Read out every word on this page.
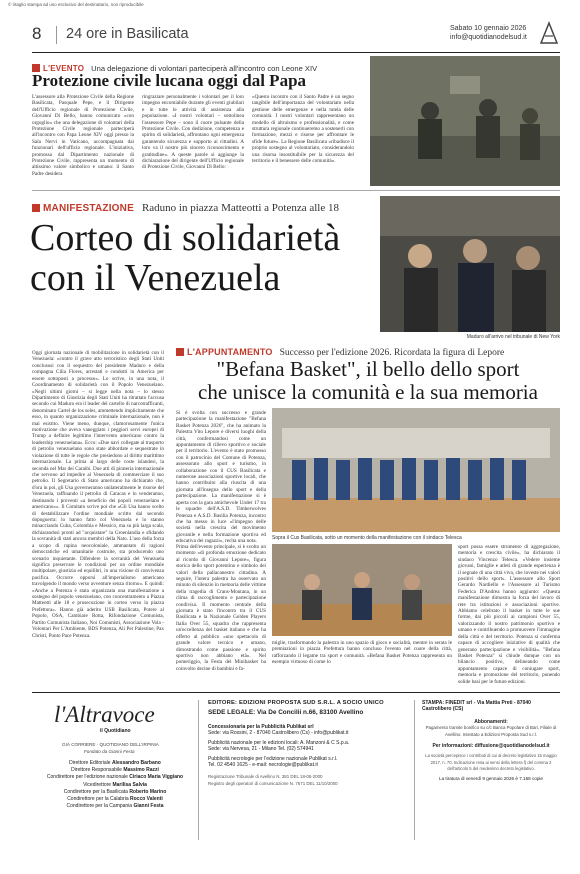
© ritaglio stampa ad uso esclusivo del destinatario, non riproducibile
8 24 ore in Basilicata	Sabato 10 gennaio 2026
info@quotidianodelsud.it
L'EVENTO Una delegazione di volontari parteciperà all'incontro con Leone XIV
Protezione civile lucana oggi dal Papa
L'assessore alla Protezione Civile della Regione Basilicata, Pasquale Pepe, e il Dirigente dell'Ufficio regionale di Protezione Civile, Giovanni Di Bello, hanno comunicato «con orgoglio» che una delegazione di volontari della Protezione Civile regionale parteciperà all'incontro con Papa Leone XIV oggi presso la Sala Nervi in Vaticano, accompagnata dai funzionari dell'ufficio regionale. L'iniziativa, promossa dal Dipartimento nazionale di Protezione Civile, rappresenta un momento di altissimo valore simbolico e umano: il Santo Padre desidera
ringraziare personalmente i volontari per il loro impegno encomiabile durante gli eventi giubilari e in tutte le attività di assistenza alla popolazione. «I nostri volontari – sottolinea l'assessore Pepe – sono il cuore pulsante della Protezione Civile. Con dedizione, competenza e spirito di solidarietà, affrontano ogni emergenza garantendo sicurezza e supporto ai cittadini. A loro va il nostro più sincero riconoscimento e gratitudine». A queste parole si aggiunge la dichiarazione del dirigente dell'Ufficio regionale di Protezione Civile, Giovanni Di Bello:
«Questo incontro con il Santo Padre è un segno tangibile dell'importanza del volontariato nella gestione delle emergenze e nella tutela delle comunità. I nostri volontari rappresentano un modello di altruismo e professionalità, e come struttura regionale continueremo a sostenerli con formazione, mezzi e risorse per affrontare le sfide future». La Regione Basilicata «ribadisce il proprio sostegno al volontariato, considerandolo una risorsa insostituibile per la sicurezza del territorio e il benessere delle comunità».
MANIFESTAZIONE Raduno in piazza Matteotti a Potenza alle 18
Corteo di solidarietà
con il Venezuela
Maduro all'arrivo nel tribunale di New York
Oggi giornata nazionale di mobilitazione in solidarietà con il Venezuela: «contro il grave atto terroristico degli Stati Uniti conclusosi con il sequestro del presidente Maduro e della compagna Cilia Flores, arrestati e condotti in America per essere sottoposti a processo». Lo scrive, in una nota, il Coordinamento di solidarietà con il Popolo Venezuelano. «Negli ultimi giorni – si legge nella nota – lo stesso Dipartimento di Giustizia degli Stati Uniti ha ritrattato l'accusa secondo cui Maduro era il leader del cartello di narcotrafficanti, denominato Cartel de los soles, ammettendo implicitamente che esso, in quanto organizzazione criminale internazionale, non è mai esistito. Viene meno, dunque, clamorosamente l'unica motivazione che aveva vaneggiato i peggiori servi europei di Trump a definire legittimo l'intervento americano contro la leadership venezuelana». Ecco: «Due navi collegate al trasporto di petrolio venezuelano sono state abbordate e sequestrate in violazione di tutte le regole che presiedono al diritto marittimo internazionale. La prima al largo delle coste islandesi, la seconda nel Mar dei Caraibi. Due atti di pirateria internazionale che servono ad impedire al Venezuela di commerciare il suo petrolio. Il Segretario di Stato americano ha dichiarato che, d'ora in poi, gli Usa governeranno unilateralmente le risorse del Venezuela, raffinando il petrolio di Caracas e lo venderanno, destinando i proventi «a beneficio dei popoli venezuelano e americano»». Il Comitato scrive poi che «Gli Usa hanno scelto di destabilizzare l'ordine mondiale scritto dal secondo dopoguerra: lo hanno fatto col Venezuela e lo stanno minacciando Cuba, Colombia e Messico, ma su più larga scala, dichiarandosi pronti ad "acquistare" la Groenlandia e sfidando la sovranità di stati ancora membri della Nato. L'uso della forza a scopo di rapina neocoloniale, ammantato di ragioni democratiche ed umanitarie costruite, sta producendo uno scenario inquietante. Difendere la sovranità del Venezuela significa preservare le condizioni per un ordine mondiale multipolare, giustizia ed equilibri, in una visione di convivenza pacifica. Occorre opporsi all'imperialismo americano travolgendo il mondo verso avventure senza ritorno». E quindi: «Anche a Potenza è stata organizzata una manifestazione a sostegno del popolo venezuelano, con concentramento a Piazza Matteotti alle 18 e prosecuzione in corteo verso la piazza Prefettura». Hanno già aderito USB Basilicata, Potere al Popolo, OSA, Cambiare Rotta, Rifondazione Comunista, Partito Comunista Italiano, Noi Comunisti, Associazione Vola - Volontari Per L'Ambiente, BDS Potenza, Ali Per Palestine, Pax Christi, Punto Pace Potenza.
L'APPUNTAMENTO Successo per l'edizione 2026. Ricordata la figura di Lepore
"Befana Basket", il bello dello sport
che unisce la comunità e la sua memoria
Si è svolta con successo e grande partecipazione la manifestazione "Befana Basket Potenza 2026", che ha animato la Palestra Vito Lepore e diversi luoghi della città, confermandosi come un appuntamento di rilievo sportivo e sociale per il territorio. L'evento è stato promosso con il patrocinio del Comune di Potenza, assessorato allo sport e turismo, in collaborazione con il CUS Basilicata e numerose associazioni sportive locali, che hanno contribuito alla riuscita di una giornata all'insegna dello sport e della partecipazione. La manifestazione si è aperta con la gara amichevole Under 17 tra le squadre dell'A.S.D. Timberwolves Potenza e A.S.D. Basilia Potenza, incontro che ha messo in luce «l'impegno delle società nella crescita del movimento giovanile e nella formazione sportiva ed educativa dei ragazzi», recita una nota.
Sopra il Cus Basilicata, sotto un momento della manifestazione con il sindaco Telesca
Prima dell'evento principale, si è svolto un momento «di profonda emozione dedicato al ricordo di Giovanni Lepore», figura storica dello sport potentino e simbolo dei valori della pallacanestro cittadina. A seguire, l'intera palestra ha osservato un minuto di silenzio in memoria delle vittime della tragedia di Crans-Montana, in un clima di raccoglimento e partecipazione condivisa. Il momento centrale della giornata è stato l'incontro tra il CUS Basilicata e la Nazionale Golden Players Italia Over 55, squadra che rappresenta un'eccellenza del basket italiano e che ha offerto al pubblico «uno spettacolo di grande valore tecnico e umano, dimostrando come passione e spirito sportivo non abbiano età». Nel pomeriggio, la Festa del Minibasket ha coinvolto decine di bambini e fa-
miglie, trasformando la palestra in uno spazio di gioco e socialità, mentre in serata le premiazioni in piazza Prefettura hanno concluso l'evento nel cuore della città, rafforzando il legame tra sport e comunità. «Befana Basket Potenza rappresenta un esempio virtuoso di come lo
sport possa essere strumento di aggregazione, memoria e crescita civile», ha dichiarato il sindaco Vincenzo Telesca. «Vedere insieme giovani, famiglie e atleti di grande esperienza è il segnale di una città viva, che investe nei valori positivi dello sport». L'assessore allo Sport Gerardo Nardiello e l'Assessore al Turismo Federica D'Andrea hanno aggiunto: «Questa manifestazione dimostra la forza del lavoro di rete tra istituzioni e associazioni sportive. Abbiamo celebrato il basket in tutte le sue forme, dai più piccoli ai campioni Over 55, valorizzando il nostro patrimonio sportivo e umano e contribuendo a promuovere l'immagine della città e del territorio. Potenza si conferma capace di accogliere iniziative di qualità che generano partecipazione e visibilità». "Befana Basket Potenza" si chiude dunque con un bilancio positivo, delineando come appuntamento capace di coniugare sport, memoria e promozione del territorio, ponendo solide basi per le future edizioni.
l'Altravoce
il Quotidiano
GIÀ CORRIERE · QUOTIDIANO DELL'IRPINIA
Fondato da Gianni Festa
Direttore Editoriale Alessandro Barbano
Direttore Responsabile Massimo Razzi
Condirettore per l'edizione nazionale Ciriaco Maria Viggiano
Vicedirettore Marilisa Salvia
Condirettore per la Basilicata Roberto Marino
Condirettore per la Calabria Rocco Valenti
Condirettore per la Campania Gianni Festa
EDITORE: EDIZIONI PROPOSTA SUD S.R.L. A SOCIO UNICO
SEDE LEGALE: Via De Concilii n.66, 83100 Avellino
Concessionaria per la Pubblicità Publikat srl
Sede: via Rossini, 2 - 87040 Castrolibero (Cs) - info@publikat.it
Pubblicità nazionale per le edizioni locali: A. Manzoni & C S.p.a.
Sede: via Nervesa, 21 - Milano Tel. (02) 574941
Pubblicità necrologie per l'edizione nazionale Publikat s.r.l.
Tel. 02 4540 1625 - e-mail: necrologie@publikat.it
Registrazione Tribunale di Avellino N. 381 DEL 18-05-2000
Registro degli operatori di comunicazione N. 7671 DEL 11/10/2000
STAMPA: FINEDIT srl - Via Mattia Preti - 87040 Castrolibero (CS)
Abbonamenti:
Pagamento tramite bonifico su c/c Banca Popolare di Bari, Filiale di Avellino. Intestato a Edizioni Proposta Sud s.r.l.
Per informazioni: diffusione@quotidianodelsud.it
La società percepisce i contributi di cui al decreto legislativo 15 maggio 2017, n. 70. Indicazione resa ai sensi della lettera f) del comma 2 dell'articolo 5 del medesimo decreto legislativo.
La tiratura di venerdì 9 gennaio 2026 è 7.168 copie
